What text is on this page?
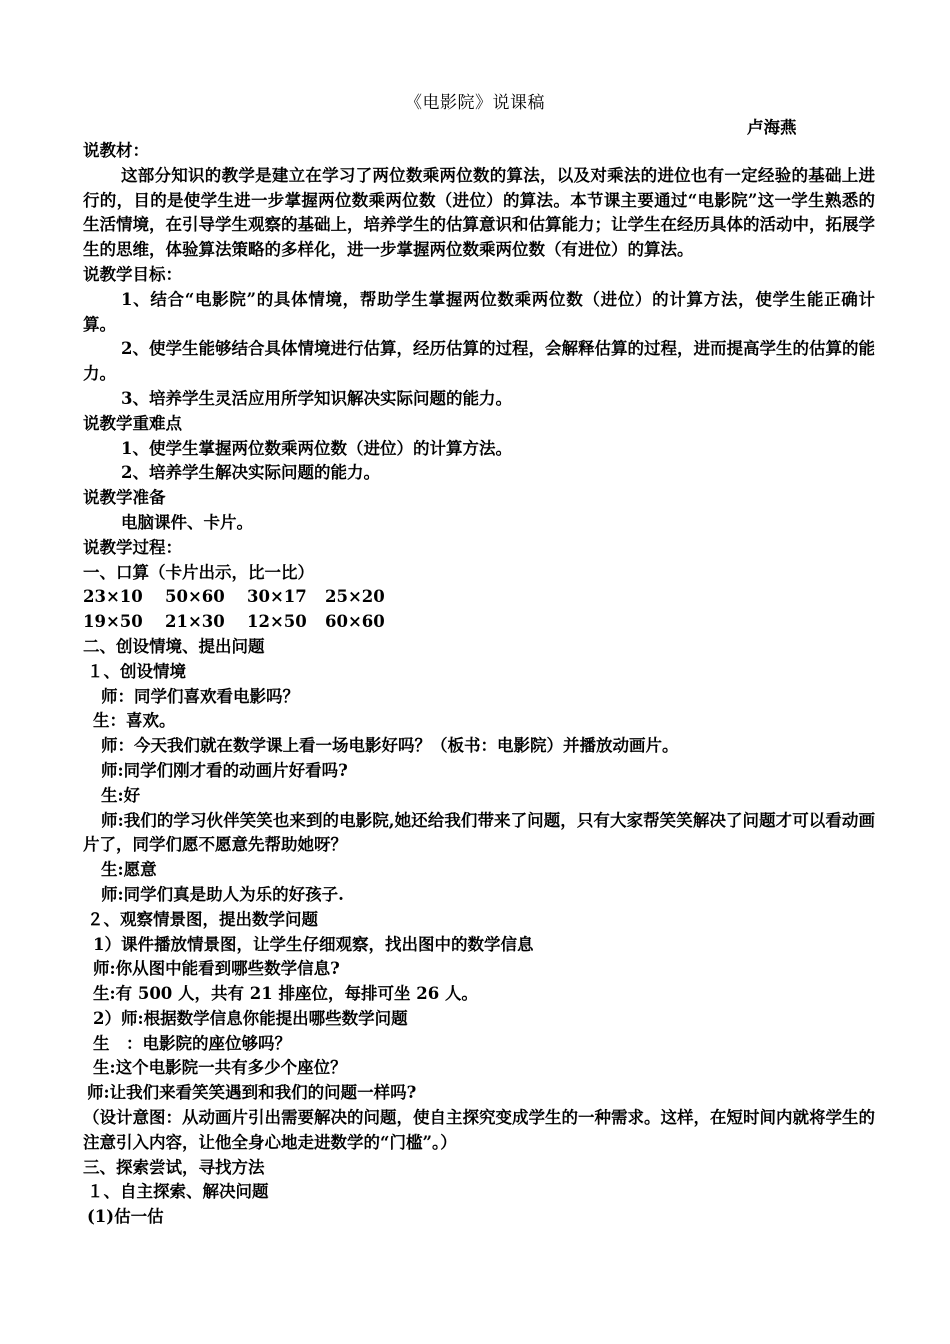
《电影院》说课稿
卢海燕

说教材：

这部分知识的教学是建立在学习了两位数乘两位数的算法，以及对乘法的进位也有一定经验的基础上进行的，目的是使学生进一步掌握两位数乘两位数（进位）的算法。本节课主要通过“电影院”这一学生熟悉的生活情境，在引导学生观察的基础上，培养学生的估算意识和估算能力；让学生在经历具体的活动中，拓展学生的思维，体验算法策略的多样化，进一步掌握两位数乘两位数（有进位）的算法。

说教学目标：

1、结合“电影院”的具体情境，帮助学生掌握两位数乘两位数（进位）的计算方法，使学生能正确计算。

2、使学生能够结合具体情境进行估算，经历估算的过程，会解释估算的过程，进而提高学生的估算的能力。

3、培养学生灵活应用所学知识解决实际问题的能力。

说教学重难点

1、使学生掌握两位数乘两位数（进位）的计算方法。

2、培养学生解决实际问题的能力。

说教学准备

电脑课件、卡片。

说教学过程：

一、口算（卡片出示，比一比）

23×10	50×60	30×17	25×20
19×50	21×30	12×50	60×60

二、创设情境、提出问题

１、创设情境

师：同学们喜欢看电影吗？

生：喜欢。

师：今天我们就在数学课上看一场电影好吗？（板书：电影院）并播放动画片。

师:同学们刚才看的动画片好看吗?

生:好

师:我们的学习伙伴笑笑也来到的电影院,她还给我们带来了问题，只有大家帮笑笑解决了问题才可以看动画片了，同学们愿不愿意先帮助她呀？

生:愿意

师:同学们真是助人为乐的好孩子.

２、观察情景图，提出数学问题

1）课件播放情景图，让学生仔细观察，找出图中的数学信息

师:你从图中能看到哪些数学信息?

生:有 500 人，共有 21 排座位，每排可坐 26 人。

2）师:根据数学信息你能提出哪些数学问题

生　：电影院的座位够吗？

生:这个电影院一共有多少个座位？

师:让我们来看笑笑遇到和我们的问题一样吗?

（设计意图：从动画片引出需要解决的问题，使自主探究变成学生的一种需求。这样，在短时间内就将学生的注意引入内容，让他全身心地走进数学的“门槛”。）

三、探索尝试，寻找方法

１、自主探索、解决问题

(1)估一估
